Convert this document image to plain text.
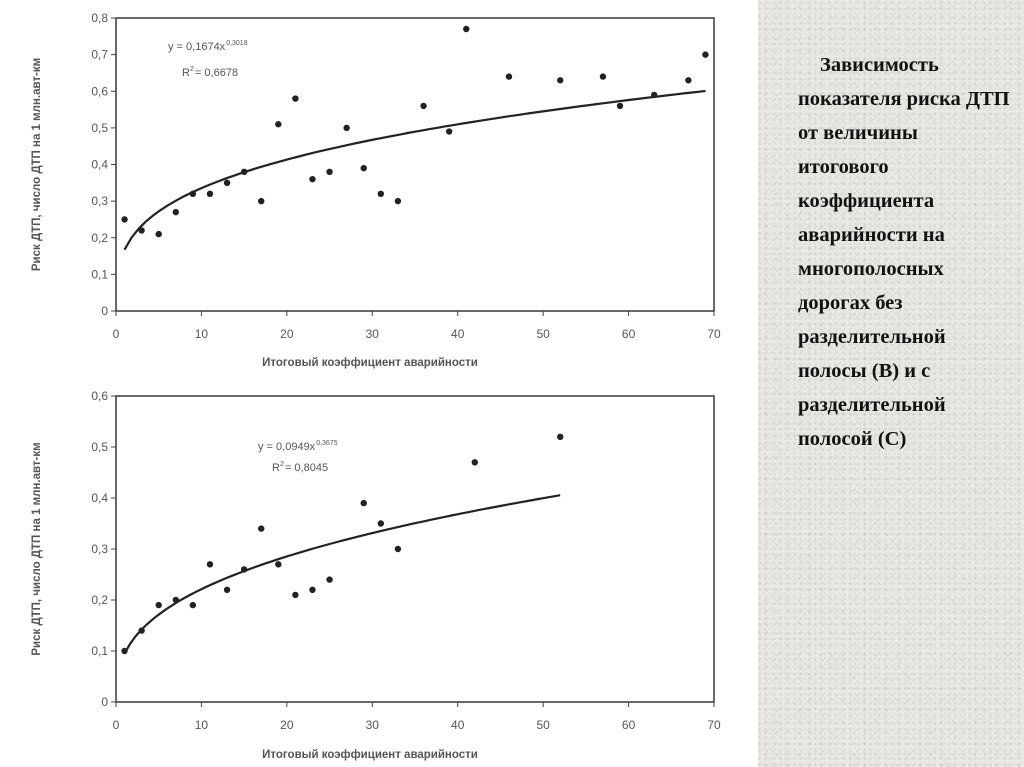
Зависимость показателя риска ДТП от величины итогового коэффициента аварийности на многополосных дорогах без разделительной полосы (В) и с разделительной полосой (С)

0
0,1
0,2
0,3
0,4
0,5
0,6
0,7
0,8
0	10	20	30	40	50	60	70
Итоговый коэффициент аварийности
Риск ДТП, число ДТП на 1 млн.авт-км
y = 0,1674x 0,3018
R 2 = 0,6678
0
0,1
0,2
0,3
0,4
0,5
0,6
0	10	20	30	40	50	60	70
Итоговый коэффициент аварийности
Риск ДТП, число ДТП на 1 млн.авт-км	y = 0,0949x 0,3675
R 2 = 0,8045
